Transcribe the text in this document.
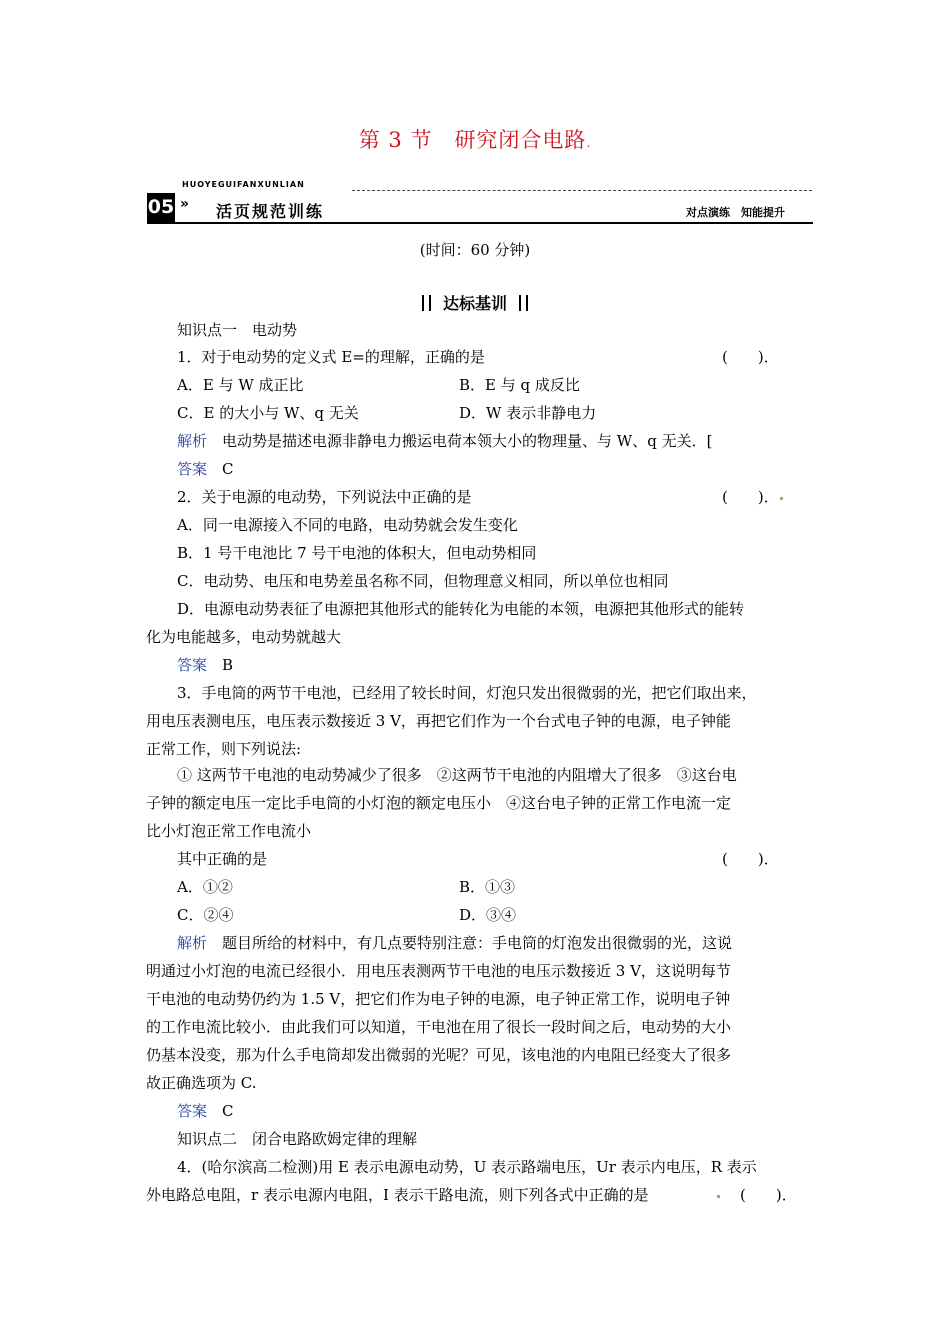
第 3 节 研究闭合电路.
HUOYEGUIFANXUNLIAN
05 » 活页规范训练	对点演练　知能提升
(时间：60 分钟)
达标基训
知识点一　电动势
1．对于电动势的定义式 E=的理解，正确的是	(　　)．
A．E 与 W 成正比	B．E 与 q 成反比
C．E 的大小与 W、q 无关	D．W 表示非静电力
解析　 电动势是描述电源非静电力搬运电荷本领大小的物理量、与 W、q 无关．[
答案　 C
2．关于电源的电动势，下列说法中正确的是	(　　)．
A．同一电源接入不同的电路，电动势就会发生变化
B．1 号干电池比 7 号干电池的体积大，但电动势相同
C．电动势、电压和电势差虽名称不同，但物理意义相同，所以单位也相同
D．电源电动势表征了电源把其他形式的能转化为电能的本领，电源把其他形式的能转
化为电能越多，电动势就越大
答案　 B
3．手电筒的两节干电池，已经用了较长时间，灯泡只发出很微弱的光，把它们取出来，
用电压表测电压，电压表示数接近 3 V，再把它们作为一个台式电子钟的电源，电子钟能
正常工作，则下列说法:
① 这两节干电池的电动势减少了很多　②这两节干电池的内阻增大了很多　③这台电
子钟的额定电压一定比手电筒的小灯泡的额定电压小　④这台电子钟的正常工作电流一定
比小灯泡正常工作电流小
其中正确的是	(　　)．
A．①②	B．①③
C．②④	D．③④
解析　 题目所给的材料中，有几点要特别注意：手电筒的灯泡发出很微弱的光，这说
明通过小灯泡的电流已经很小．用电压表测两节干电池的电压示数接近 3 V，这说明每节
干电池的电动势仍约为 1.5 V，把它们作为电子钟的电源，电子钟正常工作，说明电子钟
的工作电流比较小．由此我们可以知道，干电池在用了很长一段时间之后，电动势的大小
仍基本没变，那为什么手电筒却发出微弱的光呢？可见，该电池的内电阻已经变大了很多
故正确选项为 C.
答案　 C
知识点二　闭合电路欧姆定律的理解
4．(哈尔滨高二检测)用 E 表示电源电动势，U 表示路端电压，Ur 表示内电压，R 表示
外电路总电阻，r 表示电源内电阻，I 表示干路电流，则下列各式中正确的是	(　　)．
